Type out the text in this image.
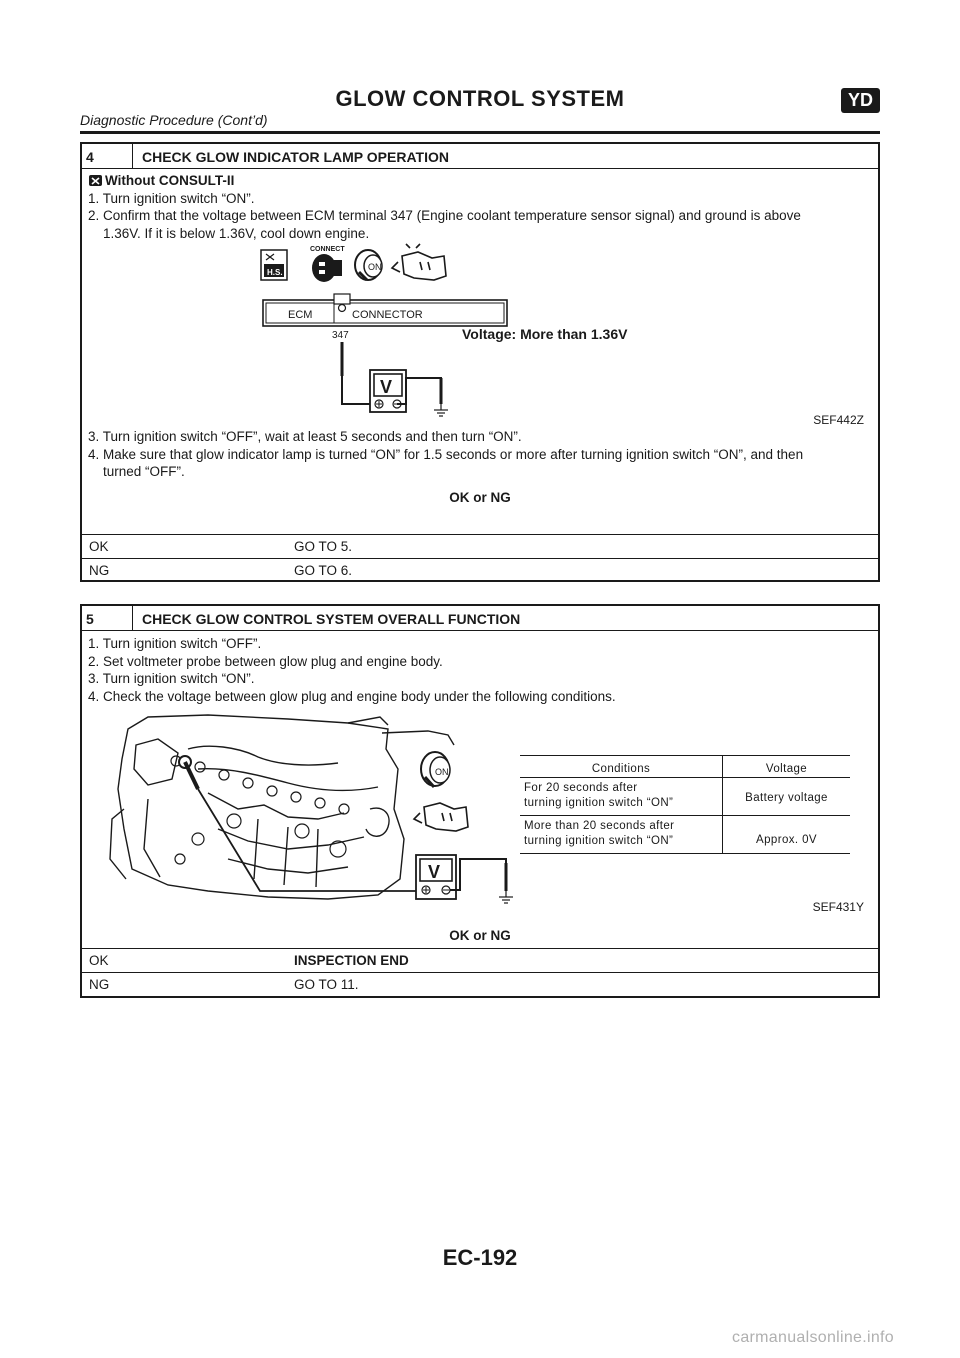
GLOW CONTROL SYSTEM	YD
Diagnostic Procedure (Cont’d)
4	CHECK GLOW INDICATOR LAMP OPERATION
Without CONSULT-II
1. Turn ignition switch “ON”.
2. Confirm that the voltage between ECM terminal 347 (Engine coolant temperature sensor signal) and ground is above
1.36V. If it is below 1.36V, cool down engine.
H.S.
CONNECT
ON
ECM	CONNECTOR
347
V
Voltage: More than 1.36V
SEF442Z
3. Turn ignition switch “OFF”, wait at least 5 seconds and then turn “ON”.
4. Make sure that glow indicator lamp is turned “ON” for 1.5 seconds or more after turning ignition switch “ON”, and then
turned “OFF”.
OK or NG
OK	GO TO 5.
NG	GO TO 6.
5	CHECK GLOW CONTROL SYSTEM OVERALL FUNCTION
1. Turn ignition switch “OFF”.
2. Set voltmeter probe between glow plug and engine body.
3. Turn ignition switch “ON”.
4. Check the voltage between glow plug and engine body under the following conditions.
ON
V
Conditions	Voltage
For 20 seconds after
turning ignition switch “ON”	Battery voltage
More than 20 seconds after
turning ignition switch “ON”	Approx. 0V
SEF431Y
OK or NG
OK	INSPECTION END
NG	GO TO 11.
EC-192
carmanualsonline.info
